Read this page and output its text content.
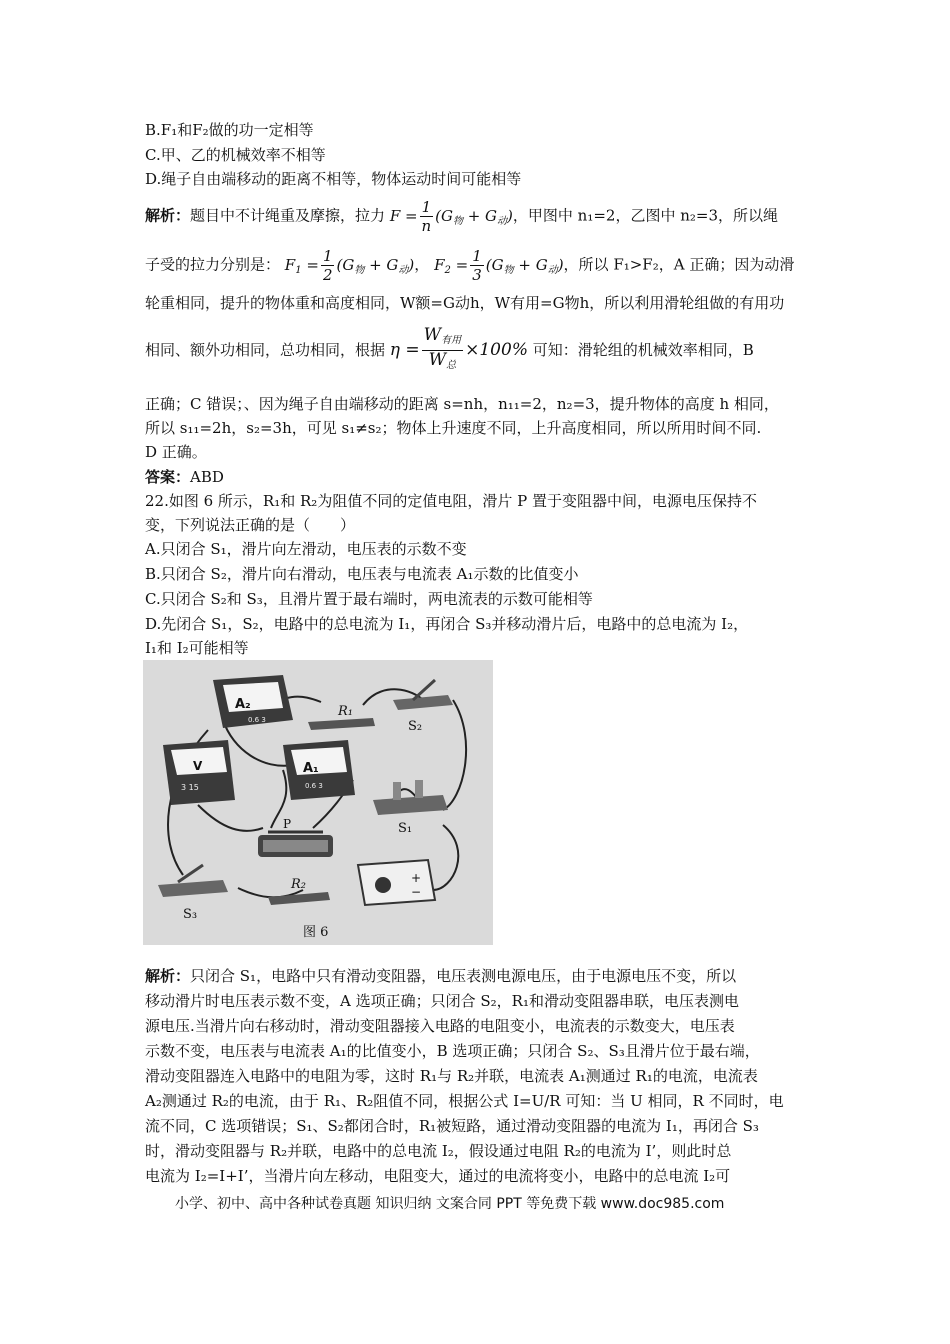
B.F₁和F₂做的功一定相等
C.甲、乙的机械效率不相等
D.绳子自由端移动的距离不相等，物体运动时间可能相等
解析：题目中不计绳重及摩擦，拉力 $F = \frac{1}{n} (G_物 + G_动)$，甲图中 n₁=2，乙图中 n₂=3，所以绳
子受的拉力分别是： $F_1 = \frac{1}{2} (G_物 + G_动)$， $F_2 = \frac{1}{3} (G_物 + G_动)$，所以 F₁>F₂，A 正确；因为动滑
轮重相同，提升的物体重和高度相同，W额=G动h，W有用=G物h，所以利用滑轮组做的有用功
相同、额外功相同，总功相同，根据 $\eta = \frac{W_{有用}}{W_总} \times 100\%$ 可知：滑轮组的机械效率相同，B
正确；C 错误；、因为绳子自由端移动的距离 s=nh，n₁₁=2，n₂=3，提升物体的高度 h 相同，
所以 s₁₁=2h，s₂=3h，可见 s₁≠s₂；物体上升速度不同，上升高度相同，所以所用时间不同.
D 正确。
答案：ABD
22.如图 6 所示，R₁和 R₂为阻值不同的定值电阻，滑片 P 置于变阻器中间，电源电压保持不
变，下列说法正确的是（　　）
A.只闭合 S₁，滑片向左滑动，电压表的示数不变
B.只闭合 S₂，滑片向右滑动，电压表与电流表 A₁示数的比值变小
C.只闭合 S₂和 S₃，且滑片置于最右端时，两电流表的示数可能相等
D.先闭合 S₁，S₂，电路中的总电流为 I₁，再闭合 S₃并移动滑片后，电路中的总电流为 I₂，
I₁和 I₂可能相等
A₂
0.6 3
V
3 15
A₁
0.6 3
R₁
S₂
S₁
P
+
−
S₃
R₂
图 6
解析：只闭合 S₁，电路中只有滑动变阻器，电压表测电源电压，由于电源电压不变，所以
移动滑片时电压表示数不变，A 选项正确；只闭合 S₂，R₁和滑动变阻器串联，电压表测电
源电压.当滑片向右移动时，滑动变阻器接入电路的电阻变小，电流表的示数变大，电压表
示数不变，电压表与电流表 A₁的比值变小，B 选项正确；只闭合 S₂、S₃且滑片位于最右端，
滑动变阻器连入电路中的电阻为零，这时 R₁与 R₂并联，电流表 A₁测通过 R₁的电流，电流表
A₂测通过 R₂的电流，由于 R₁、R₂阻值不同，根据公式 I=U/R 可知：当 U 相同，R 不同时，电
流不同，C 选项错误；S₁、S₂都闭合时，R₁被短路，通过滑动变阻器的电流为 I₁，再闭合 S₃
时，滑动变阻器与 R₂并联，电路中的总电流 I₂，假设通过电阻 R₂的电流为 I’，则此时总
电流为 I₂=I+I’，当滑片向左移动，电阻变大，通过的电流将变小，电路中的总电流 I₂可
小学、初中、高中各种试卷真题 知识归纳 文案合同 PPT 等免费下载 www.doc985.com
